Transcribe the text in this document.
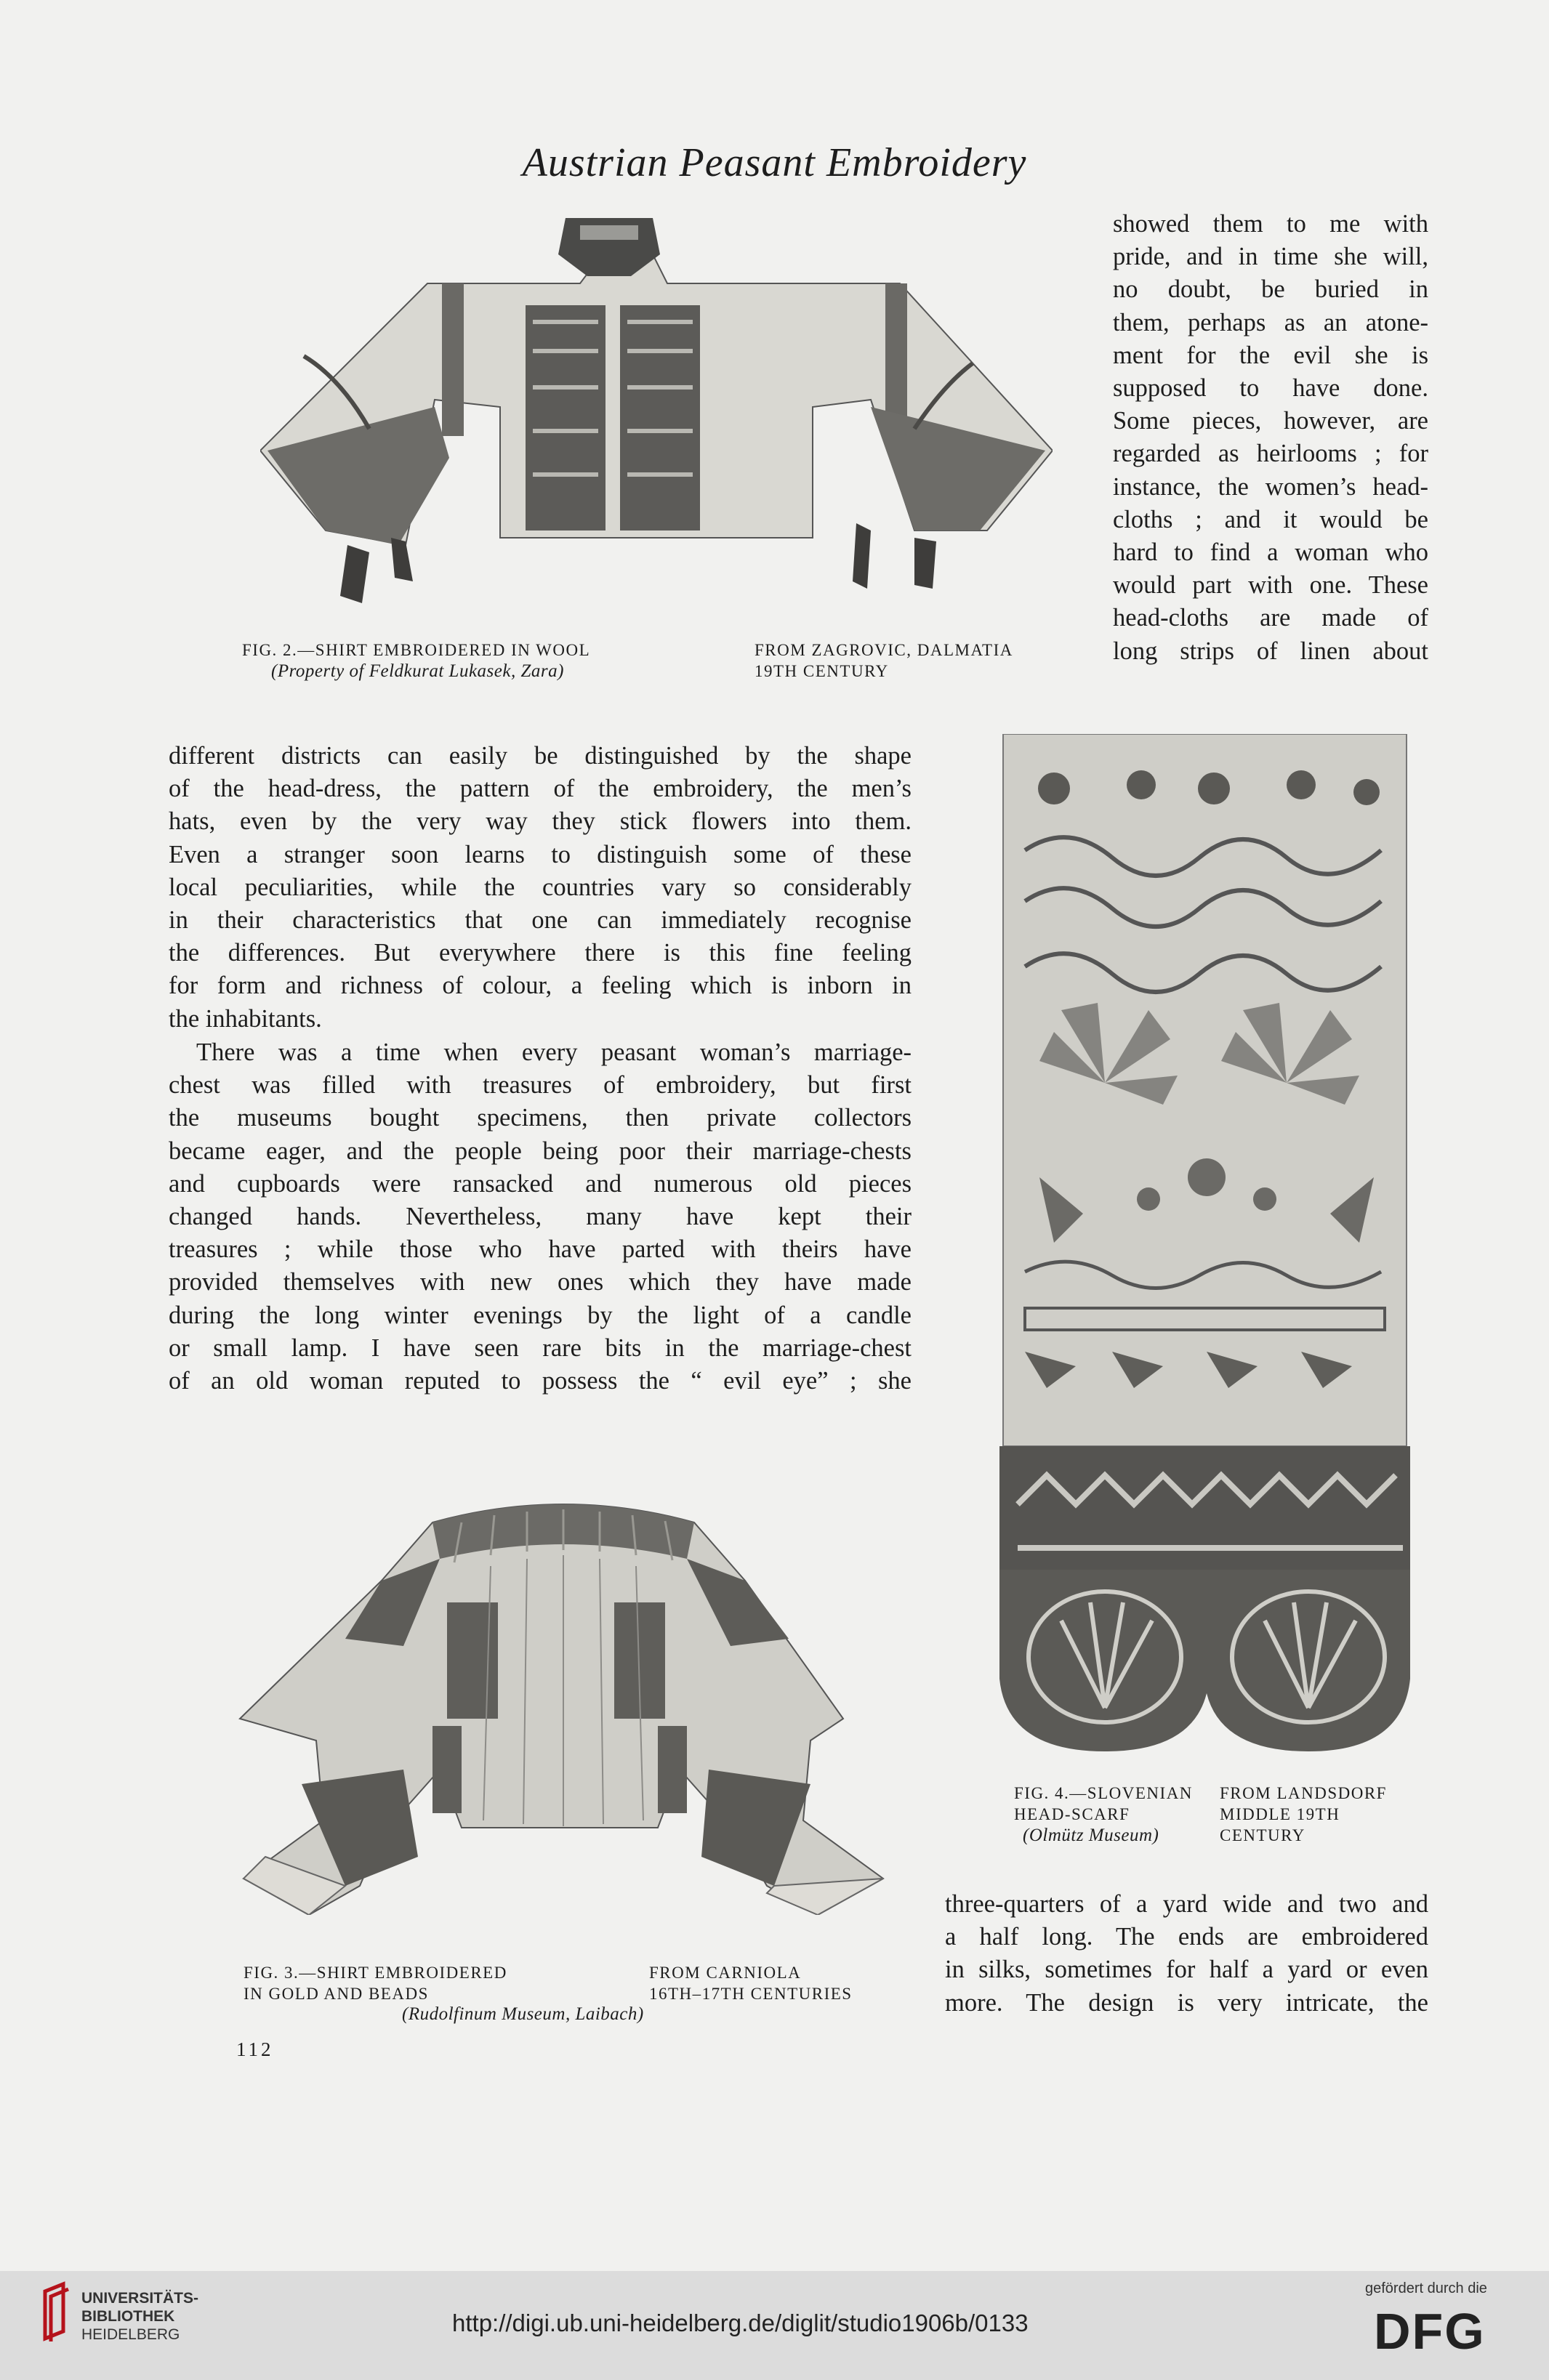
Austrian Peasant Embroidery
FIG. 2.—SHIRT EMBROIDERED IN WOOL
(Property of Feldkurat Lukasek, Zara)
FROM ZAGROVIC, DALMATIA
19TH CENTURY
showed them to me with
pride, and in time she will,
no doubt, be buried in
them, perhaps as an atone-
ment for the evil she is
supposed to have done.
Some pieces, however, are
regarded as heirlooms ; for
instance, the women’s head-
cloths ; and it would be
hard to find a woman who
would part with one. These
head-cloths are made of
long strips of linen about
different districts can easily be distinguished by the shape
of the head-dress, the pattern of the embroidery, the men’s
hats, even by the very way they stick flowers into them.
Even a stranger soon learns to distinguish some of these
local peculiarities, while the countries vary so considerably
in their characteristics that one can immediately recognise
the differences. But everywhere there is this fine feeling
for form and richness of colour, a feeling which is inborn in
the inhabitants.
There was a time when every peasant woman’s marriage-
chest was filled with treasures of embroidery, but first
the museums bought specimens, then private collectors
became eager, and the people being poor their marriage-chests
and cupboards were ransacked and numerous old pieces
changed hands. Nevertheless, many have kept their
treasures ; while those who have parted with theirs have
provided themselves with new ones which they have made
during the long winter evenings by the light of a candle
or small lamp. I have seen rare bits in the marriage-chest
of an old woman reputed to possess the “ evil eye” ; she
FIG. 4.—SLOVENIAN
HEAD-SCARF
(Olmütz Museum)
FROM LANDSDORF
MIDDLE 19TH
CENTURY
FIG. 3.—SHIRT EMBROIDERED
IN GOLD AND BEADS
FROM CARNIOLA
16TH–17TH CENTURIES
(Rudolfinum Museum, Laibach)
three-quarters of a yard wide and two and
a half long. The ends are embroidered
in silks, sometimes for half a yard or even
more. The design is very intricate, the
112
UNIVERSITÄTS-
BIBLIOTHEK
HEIDELBERG	http://digi.ub.uni-heidelberg.de/diglit/studio1906b/0133
gefördert durch die
DFG
